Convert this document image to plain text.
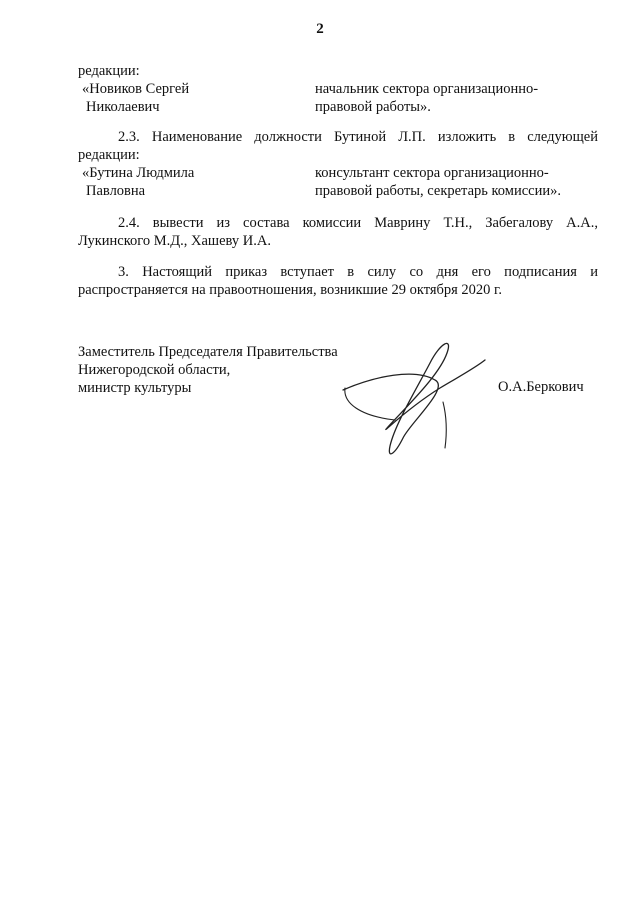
2
редакции:
«Новиков Сергей
Николаевич
начальник сектора организационно-
правовой работы».
2.3. Наименование должности Бутиной Л.П. изложить в следующей редакции:
«Бутина Людмила
Павловна
консультант сектора организационно-
правовой работы, секретарь комиссии».
2.4. вывести из состава комиссии Маврину Т.Н., Забегалову А.А., Лукинского М.Д., Хашеву И.А.
3. Настоящий приказ вступает в силу со дня его подписания и распространяется на правоотношения, возникшие 29 октября 2020 г.
Заместитель Председателя Правительства
Нижегородской области,
министр культуры	О.А.Беркович
